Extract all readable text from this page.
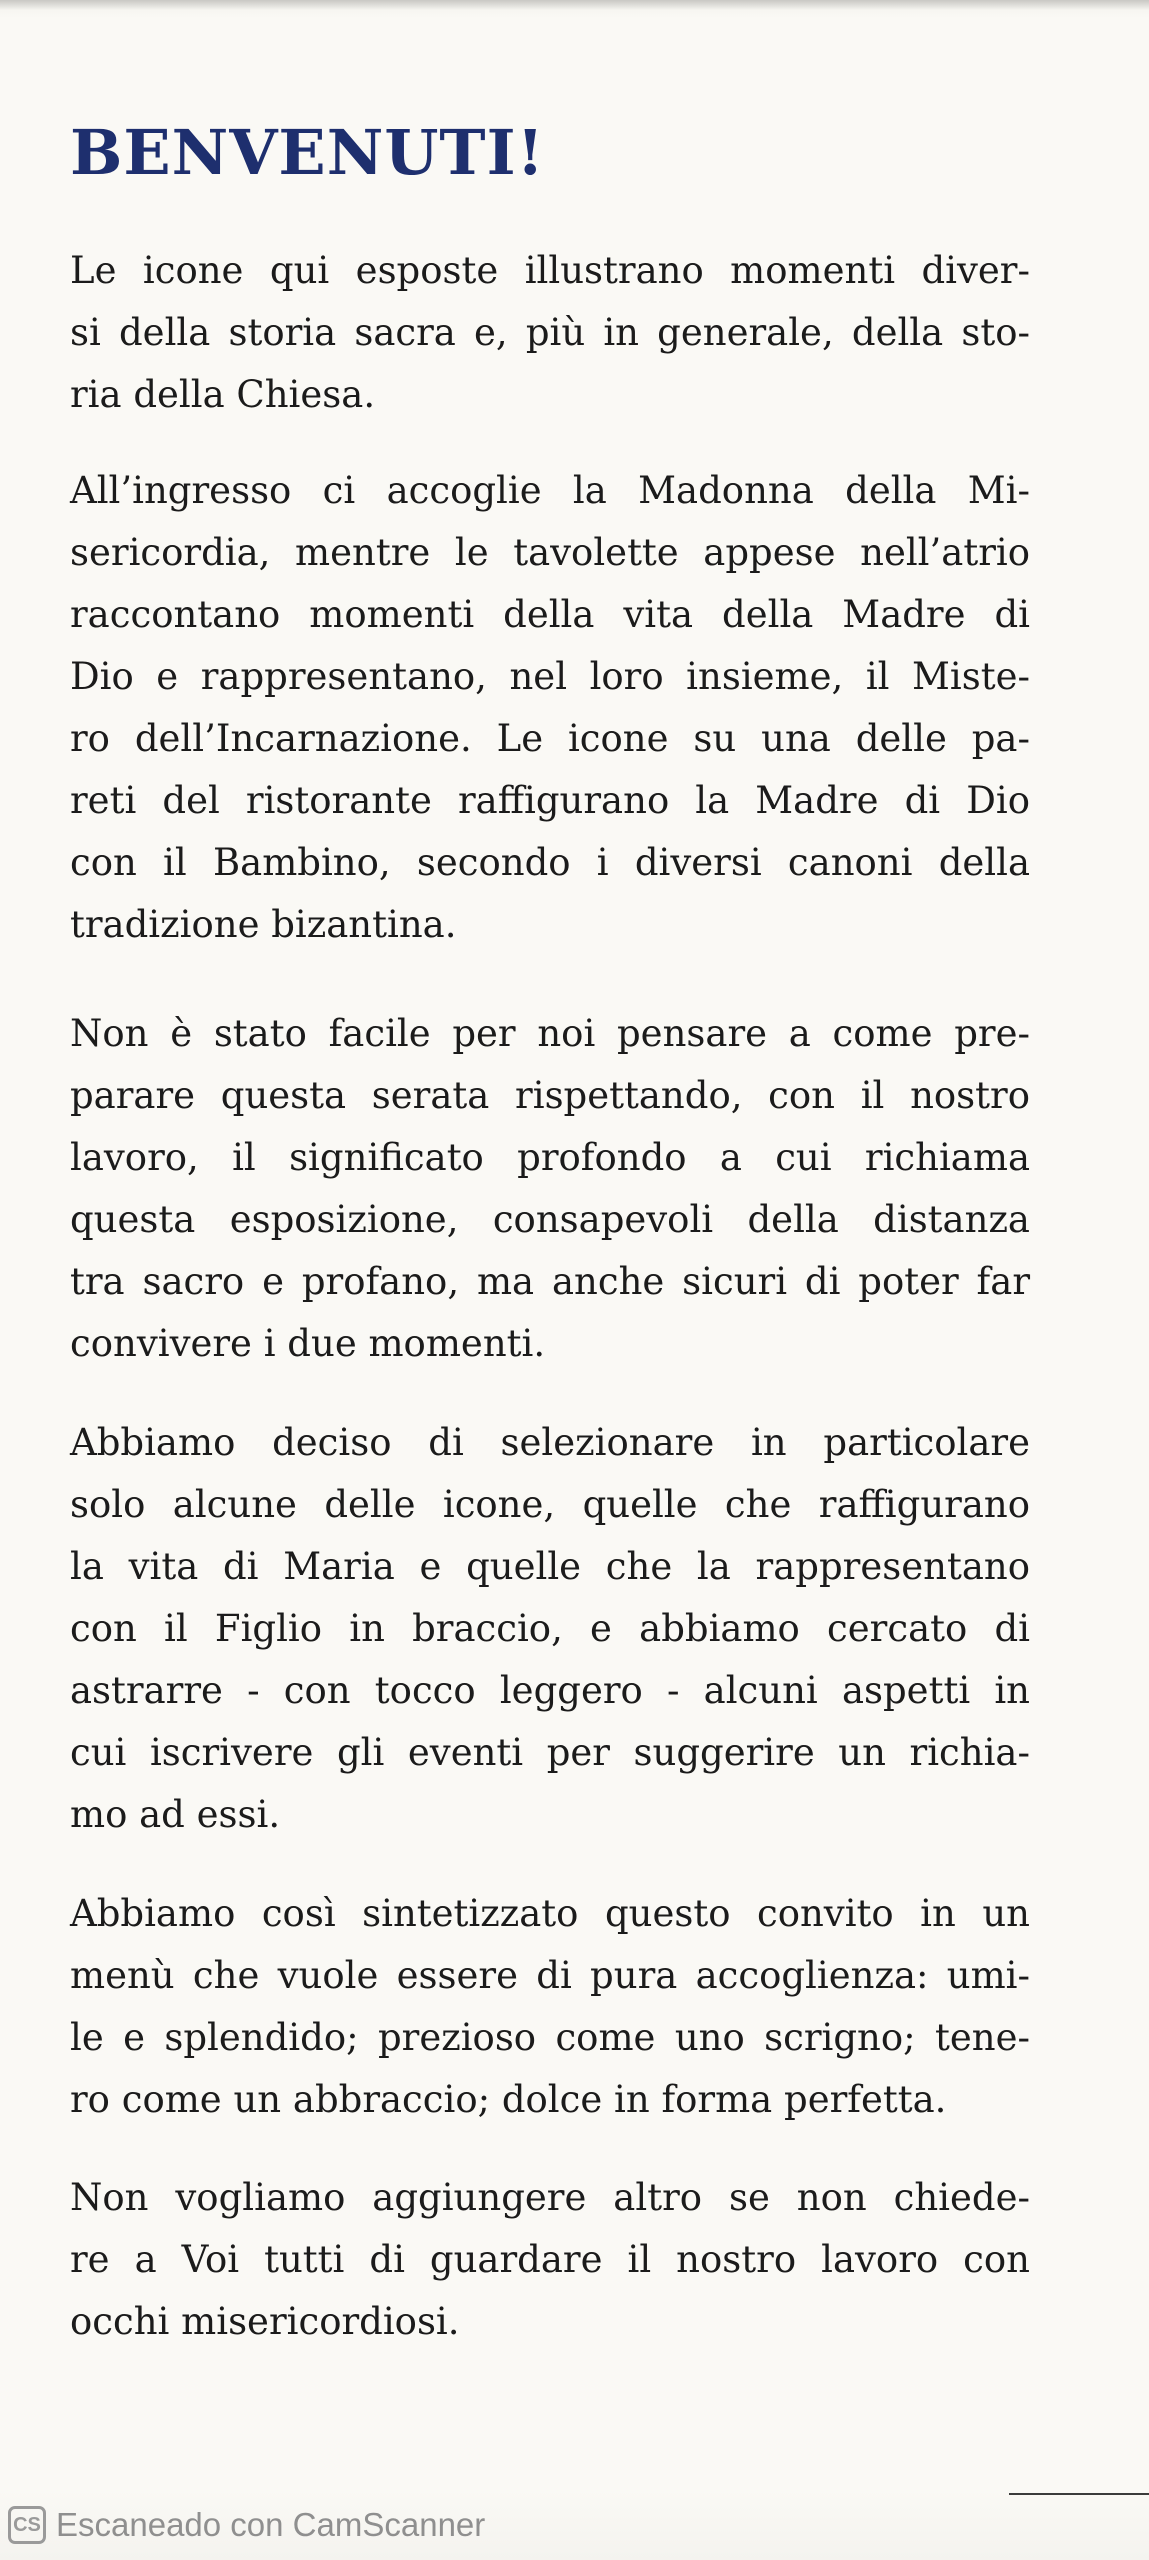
BENVENUTI!
Le icone qui esposte illustrano momenti diver-
si della storia sacra e, più in generale, della sto-
ria della Chiesa.
All’ingresso ci accoglie la Madonna della Mi-
sericordia, mentre le tavolette appese nell’atrio
raccontano momenti della vita della Madre di
Dio e rappresentano, nel loro insieme, il Miste-
ro dell’Incarnazione. Le icone su una delle pa-
reti del ristorante raffigurano la Madre di Dio
con il Bambino, secondo i diversi canoni della
tradizione bizantina.
Non è stato facile per noi pensare a come pre-
parare questa serata rispettando, con il nostro
lavoro, il significato profondo a cui richiama
questa esposizione, consapevoli della distanza
tra sacro e profano, ma anche sicuri di poter far
convivere i due momenti.
Abbiamo deciso di selezionare in particolare
solo alcune delle icone, quelle che raffigurano
la vita di Maria e quelle che la rappresentano
con il Figlio in braccio, e abbiamo cercato di
astrarre - con tocco leggero - alcuni aspetti in
cui iscrivere gli eventi per suggerire un richia-
mo ad essi.
Abbiamo così sintetizzato questo convito in un
menù che vuole essere di pura accoglienza: umi-
le e splendido; prezioso come uno scrigno; tene-
ro come un abbraccio; dolce in forma perfetta.
Non vogliamo aggiungere altro se non chiede-
re a Voi tutti di guardare il nostro lavoro con
occhi misericordiosi.
CS Escaneado con CamScanner
